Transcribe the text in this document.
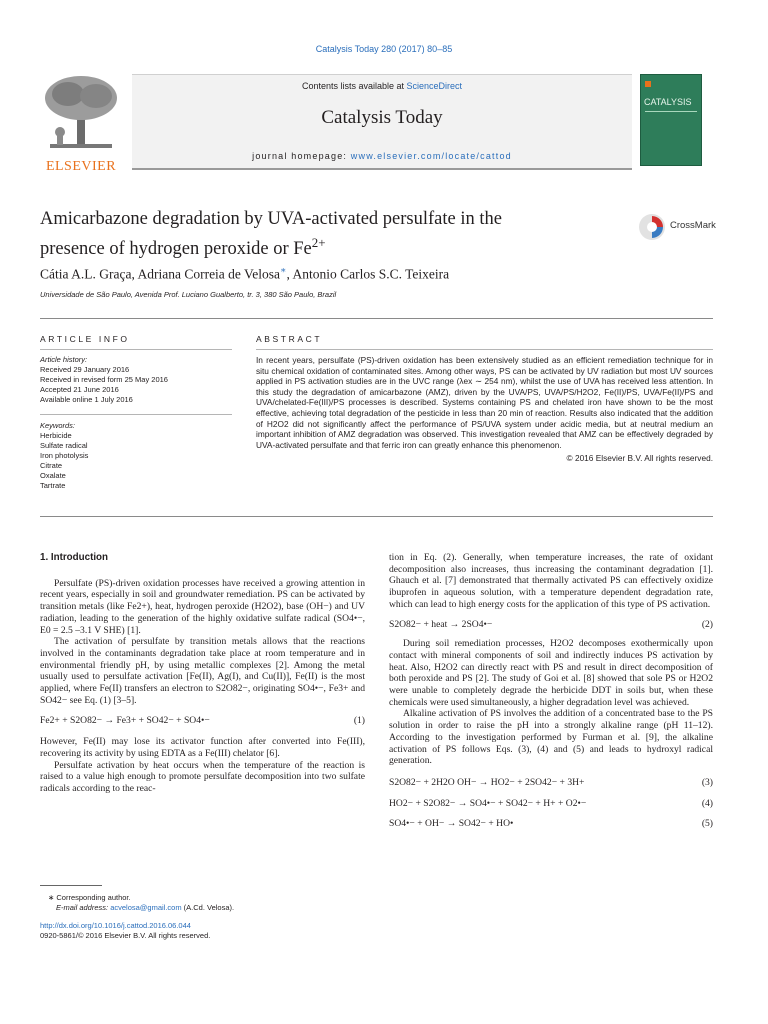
Catalysis Today 280 (2017) 80–85
ELSEVIER
Contents lists available at ScienceDirect
Catalysis Today
journal homepage: www.elsevier.com/locate/cattod
CATALYSIS
Amicarbazone degradation by UVA-activated persulfate in the
presence of hydrogen peroxide or $Fe^{2+}$
CrossMark
Cátia A.L. Graça, Adriana Correia de Velosa∗, Antonio Carlos S.C. Teixeira
Universidade de São Paulo, Avenida Prof. Luciano Gualberto, tr. 3, 380 São Paulo, Brazil
ARTICLE INFO	ABSTRACT
Article history:
Received 29 January 2016
Received in revised form 25 May 2016
Accepted 21 June 2016
Available online 1 July 2016
Keywords:
Herbicide
Sulfate radical
Iron photolysis
Citrate
Oxalate
Tartrate
In recent years, persulfate (PS)-driven oxidation has been extensively studied as an efficient remediation technique for in situ chemical oxidation of contaminated sites. Among other ways, PS can be activated by UV radiation but most UV sources applied in PS activation studies are in the UVC range (λex ∼ 254 nm), whilst the use of UVA has received less attention. In this study the degradation of amicarbazone (AMZ), driven by the UVA/PS, UVA/PS/H2O2, Fe(II)/PS, UVA/Fe(II)/PS and UVA/chelated-Fe(III)/PS processes is described. Systems containing PS and chelated iron have shown to be the most effective, achieving total degradation of the pesticide in less than 20 min of reaction. Results also indicated that the addition of H2O2 did not significantly affect the performance of PS/UVA system under acidic media, but at neutral medium an important inhibition of AMZ degradation was observed. This investigation revealed that AMZ can be effectively degraded by UVA-activated persulfate and that ferric iron can greatly enhance this phenomenon.
© 2016 Elsevier B.V. All rights reserved.
1. Introduction

Persulfate (PS)-driven oxidation processes have received a growing attention in recent years, especially in soil and groundwater remediation. PS can be activated by transition metals (like Fe2+), heat, hydrogen peroxide (H2O2), base (OH−) and UV radiation, leading to the generation of the highly oxidative sulfate radical (SO4•−, E0 = 2.5 –3.1 V SHE) [1].

The activation of persulfate by transition metals allows that the reactions involved in the contaminants degradation take place at room temperature and in environmental friendly pH, by using metallic complexes [2]. Among the metal usually used to persulfate activation [Fe(II), Ag(I), and Cu(II)], Fe(II) is the most applied, where Fe(II) transfers an electron to S2O82−, originating SO4•−, Fe3+ and SO42− see Eq. (1) [3–5].

Fe2+ + S2O82− → Fe3+ + SO42− + SO4•−	(1)

However, Fe(II) may lose its activator function after converted into Fe(III), recovering its activity by using EDTA as a Fe(III) chelator [6].

Persulfate activation by heat occurs when the temperature of the reaction is raised to a value high enough to promote persulfate decomposition into two sulfate radicals according to the reac-

∗ Corresponding author.
E-mail address: acvelosa@gmail.com (A.Cd. Velosa).
http://dx.doi.org/10.1016/j.cattod.2016.06.044
0920-5861/© 2016 Elsevier B.V. All rights reserved.

tion in Eq. (2). Generally, when temperature increases, the rate of oxidant decomposition also increases, thus increasing the contaminant degradation [1]. Ghauch et al. [7] demonstrated that thermally activated PS can effectively oxidize ibuprofen in aqueous solution, with a temperature dependent degradation rate, which can lead to high energy costs for the application of this type of PS activation.

S2O82− + heat → 2SO4•−	(2)

During soil remediation processes, H2O2 decomposes exothermically upon contact with mineral components of soil and indirectly induces PS activation by heat. Also, H2O2 can directly react with PS and result in direct decomposition of both peroxide and PS [2]. The study of Goi et al. [8] showed that sole PS or H2O2 were unable to completely degrade the herbicide DDT in soils but, when these chemicals were used simultaneously, a higher degradation level was achieved.

Alkaline activation of PS involves the addition of a concentrated base to the PS solution in order to raise the pH into a strongly alkaline range (pH 11–12). According to the investigation performed by Furman et al. [9], the alkaline activation of PS follows Eqs. (3), (4) and (5) and leads to hydroxyl radical generation.

S2O82− + 2H2O OH− → HO2− + 2SO42− + 3H+	(3)
HO2− + S2O82− → SO4•− + SO42− + H+ + O2•−	(4)
SO4•− + OH− → SO42− + HO•	(5)
